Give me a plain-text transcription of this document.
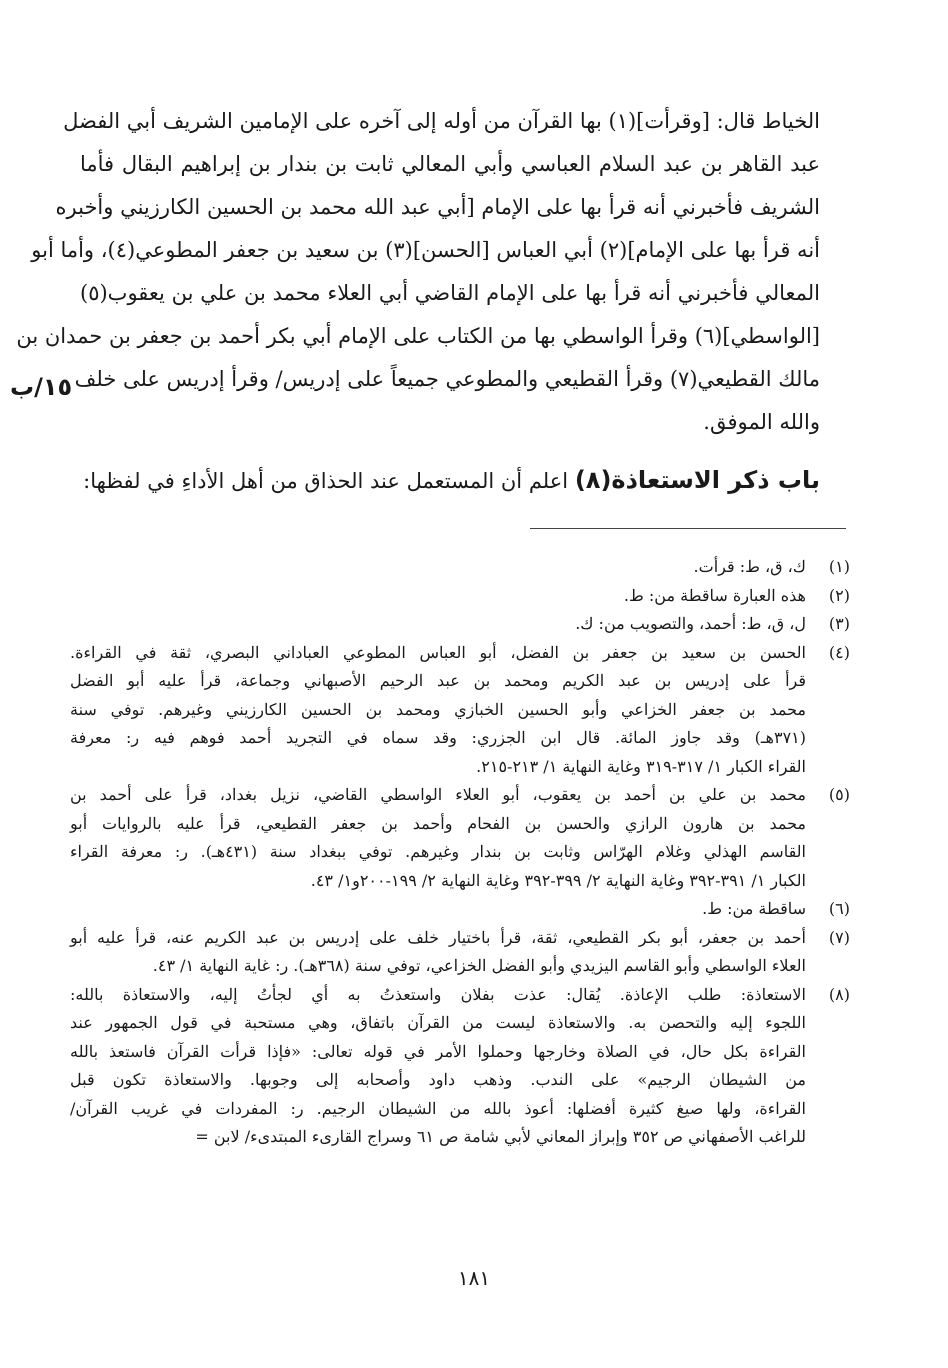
الخياط قال: [وقرأت](١) بها القرآن من أوله إلى آخره على الإمامين الشريف أبي الفضل
عبد القاهر بن عبد السلام العباسي وأبي المعالي ثابت بن بندار بن إبراهيم البقال فأما
الشريف فأخبرني أنه قرأ بها على الإمام [أبي عبد الله محمد بن الحسين الكارزيني وأخبره
أنه قرأ بها على الإمام](٢) أبي العباس [الحسن](٣) بن سعيد بن جعفر المطوعي(٤)، وأما أبو
المعالي فأخبرني أنه قرأ بها على الإمام القاضي أبي العلاء محمد بن علي بن يعقوب(٥)
[الواسطي](٦) وقرأ الواسطي بها من الكتاب على الإمام أبي بكر أحمد بن جعفر بن حمدان بن
مالك القطيعي(٧) وقرأ القطيعي والمطوعي جميعاً على إدريس/ وقرأ إدريس على خلف
والله الموفق.
١٥/ب
باب ذكر الاستعاذة(٨) اعلم أن المستعمل عند الحذاق من أهل الأداءِ في لفظها:
(١)
ك، ق، ط: قرأت.
(٢)
هذه العبارة ساقطة من: ط.
(٣)
ل، ق، ط: أحمد، والتصويب من: ك.
(٤)
الحسن بن سعيد بن جعفر بن الفضل، أبو العباس المطوعي العباداني البصري، ثقة في القراءة.
قرأ على إدريس بن عبد الكريم ومحمد بن عبد الرحيم الأصبهاني وجماعة، قرأ عليه أبو الفضل
محمد بن جعفر الخزاعي وأبو الحسين الخبازي ومحمد بن الحسين الكارزيني وغيرهم. توفي سنة
(٣٧١هـ) وقد جاوز المائة. قال ابن الجزري: وقد سماه في التجريد أحمد فوهم فيه ر: معرفة
القراء الكبار ١/ ٣١٧-٣١٩ وغاية النهاية ١/ ٢١٣-٢١٥.
(٥)
محمد بن علي بن أحمد بن يعقوب، أبو العلاء الواسطي القاضي، نزيل بغداد، قرأ على أحمد بن
محمد بن هارون الرازي والحسن بن الفحام وأحمد بن جعفر القطيعي، قرأ عليه بالروايات أبو
القاسم الهذلي وغلام الهرّاس وثابت بن بندار وغيرهم. توفي ببغداد سنة (٤٣١هـ). ر: معرفة القراء
الكبار ١/ ٣٩١-٣٩٢ وغاية النهاية ٢/ ٣٩٩-٣٩٢ وغاية النهاية ٢/ ١٩٩-٢٠٠و١/ ٤٣.
(٦)
ساقطة من: ط.
(٧)
أحمد بن جعفر، أبو بكر القطيعي، ثقة، قرأ باختيار خلف على إدريس بن عبد الكريم عنه، قرأ عليه أبو
العلاء الواسطي وأبو القاسم اليزيدي وأبو الفضل الخزاعي، توفي سنة (٣٦٨هـ). ر: غاية النهاية ١/ ٤٣.
(٨)
الاستعاذة: طلب الإعاذة. يُقال: عذت بفلان واستعذتُ به أي لجأتُ إليه، والاستعاذة بالله:
اللجوء إليه والتحصن به. والاستعاذة ليست من القرآن باتفاق، وهي مستحبة في قول الجمهور عند
القراءة بكل حال، في الصلاة وخارجها وحملوا الأمر في قوله تعالى: «فإذا قرأت القرآن فاستعذ بالله
من الشيطان الرجيم» على الندب. وذهب داود وأصحابه إلى وجوبها. والاستعاذة تكون قبل
القراءة، ولها صيغ كثيرة أفضلها: أعوذ بالله من الشيطان الرجيم. ر: المفردات في غريب القرآن/
للراغب الأصفهاني ص ٣٥٢ وإبراز المعاني لأبي شامة ص ٦١ وسراج القارىء المبتدىء/ لابن =
١٨١
